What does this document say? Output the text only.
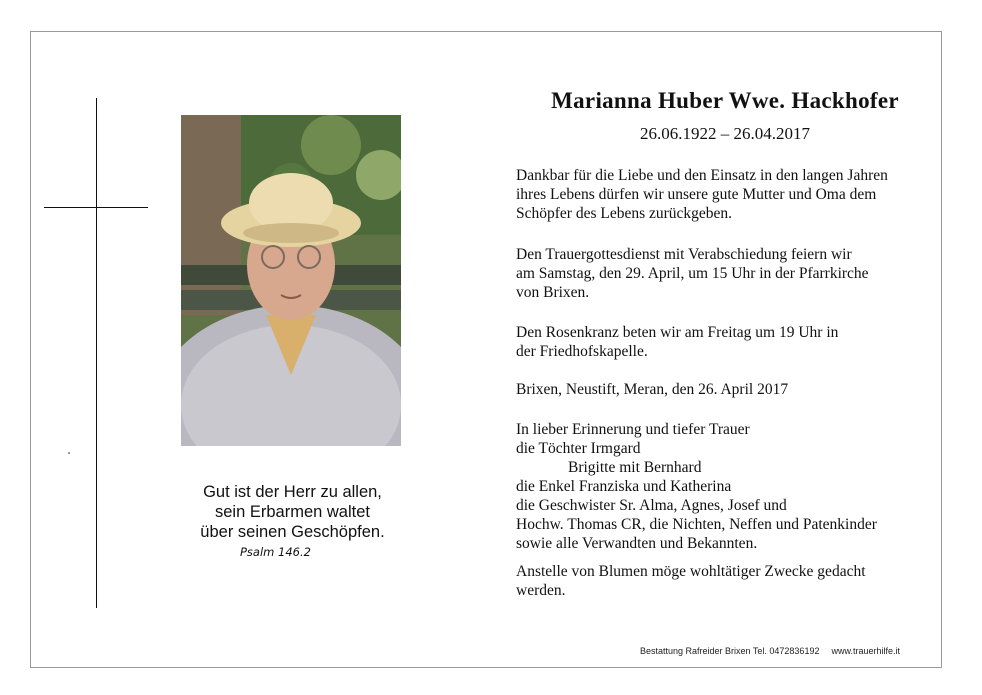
Gut ist der Herr zu allen,
sein Erbarmen waltet
über seinen Geschöpfen.
Psalm 146.2
Marianna Huber Wwe. Hackhofer
26.06.1922 – 26.04.2017
Dankbar für die Liebe und den Einsatz in den langen Jahren
ihres Lebens dürfen wir unsere gute Mutter und Oma dem
Schöpfer des Lebens zurückgeben.
Den Trauergottesdienst mit Verabschiedung feiern wir
am Samstag, den 29. April, um 15 Uhr in der Pfarrkirche
von Brixen.
Den Rosenkranz beten wir am Freitag um 19 Uhr in
der Friedhofskapelle.
Brixen, Neustift, Meran, den 26. April 2017
In lieber Erinnerung und tiefer Trauer
die Töchter Irmgard
Brigitte mit Bernhard
die Enkel Franziska und Katherina
die Geschwister Sr. Alma, Agnes, Josef und
Hochw. Thomas CR, die Nichten, Neffen und Patenkinder
sowie alle Verwandten und Bekannten.
Anstelle von Blumen möge wohltätiger Zwecke gedacht
werden.
Bestattung Rafreider Brixen Tel. 0472836192 www.trauerhilfe.it
